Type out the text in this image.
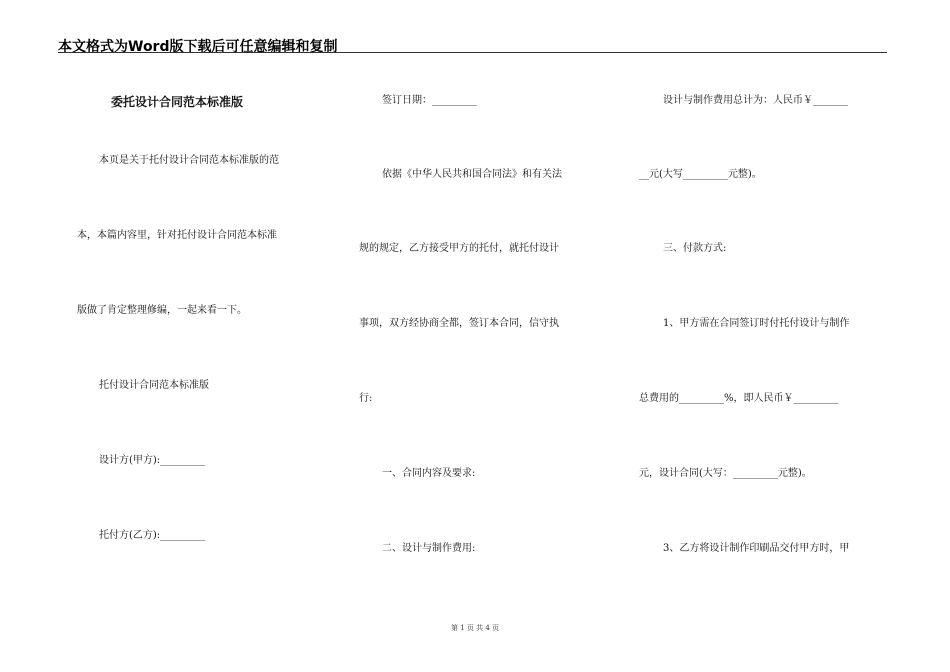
本文格式为Word版下载后可任意编辑和复制
委托设计合同范本标准版
本页是关于托付设计合同范本标准版的范
本，本篇内容里，针对托付设计合同范本标准
版做了肯定整理修编，一起来看一下。
托付设计合同范本标准版
设计方(甲方):_________
托付方(乙方):_________
签订日期：_________
依据《中华人民共和国合同法》和有关法
规的规定，乙方接受甲方的托付，就托付设计
事项，双方经协商全都，签订本合同，信守执
行:
一、合同内容及要求:
二、设计与制作费用:
设计与制作费用总计为：人民币￥_______
__元(大写_________元整)。
三、付款方式:
1、甲方需在合同签订时付托付设计与制作
总费用的_________%，即人民币￥_________
元，设计合同(大写：_________元整)。
3、乙方将设计制作印刷品交付甲方时，甲
第 1 页 共 4 页
